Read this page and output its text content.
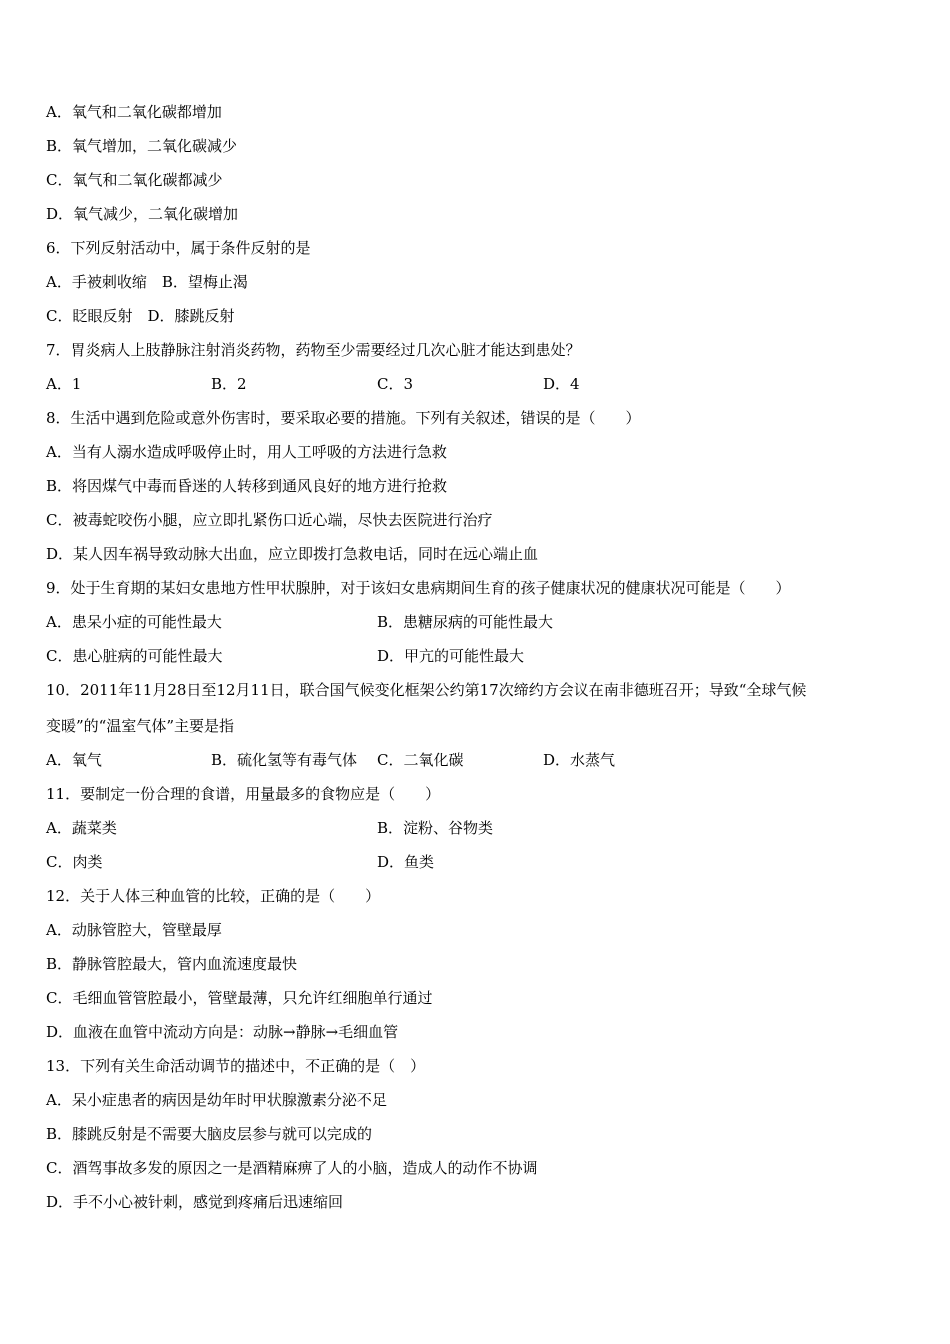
A．氧气和二氧化碳都增加
B．氧气增加，二氧化碳减少
C．氧气和二氧化碳都减少
D．氧气减少，二氧化碳增加
6．下列反射活动中，属于条件反射的是
A．手被刺收缩　B．望梅止渴
C．眨眼反射　D．膝跳反射
7．胃炎病人上肢静脉注射消炎药物，药物至少需要经过几次心脏才能达到患处？
A．1	B．2	C．3	D．4
8．生活中遇到危险或意外伤害时，要采取必要的措施。下列有关叙述，错误的是（　　）
A．当有人溺水造成呼吸停止时，用人工呼吸的方法进行急救
B．将因煤气中毒而昏迷的人转移到通风良好的地方进行抢救
C．被毒蛇咬伤小腿，应立即扎紧伤口近心端，尽快去医院进行治疗
D．某人因车祸导致动脉大出血，应立即拨打急救电话，同时在远心端止血
9．处于生育期的某妇女患地方性甲状腺肿，对于该妇女患病期间生育的孩子健康状况的健康状况可能是（　　）
A．患呆小症的可能性最大	B．患糖尿病的可能性最大
C．患心脏病的可能性最大	D．甲亢的可能性最大
10．2011年11月28日至12月11日，联合国气候变化框架公约第17次缔约方会议在南非德班召开；导致“全球气候
变暖”的“温室气体”主要是指
A．氧气	B．硫化氢等有毒气体 C．二氧化碳	D．水蒸气
11．要制定一份合理的食谱，用量最多的食物应是（　　）
A．蔬菜类	B．淀粉、谷物类
C．肉类	D．鱼类
12．关于人体三种血管的比较，正确的是（　　）
A．动脉管腔大，管壁最厚
B．静脉管腔最大，管内血流速度最快
C．毛细血管管腔最小，管壁最薄，只允许红细胞单行通过
D．血液在血管中流动方向是：动脉→静脉→毛细血管
13．下列有关生命活动调节的描述中，不正确的是（　）
A．呆小症患者的病因是幼年时甲状腺激素分泌不足
B．膝跳反射是不需要大脑皮层参与就可以完成的
C．酒驾事故多发的原因之一是酒精麻痹了人的小脑，造成人的动作不协调
D．手不小心被针刺，感觉到疼痛后迅速缩回
